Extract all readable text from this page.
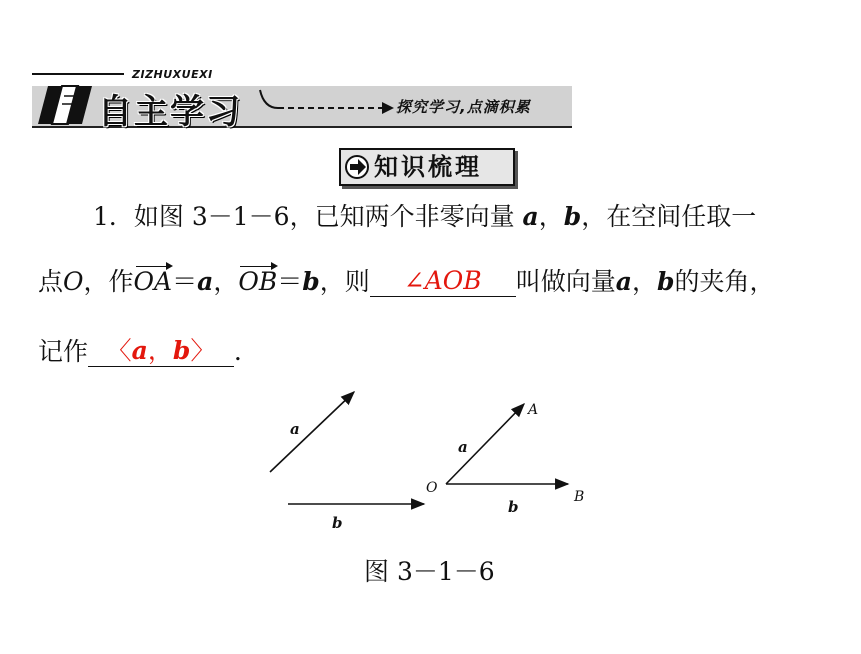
ZIZHUXUEXI
自主学习	探究学习,点滴积累
知识梳理
1．如图 3－1－6，已知两个非零向量 a，b，在空间任取一
点O，作OA＝a，OB＝b，则 ∠AOB 叫做向量a，b的夹角，
记作 〈a，b〉 ．
a
b
a
A
b
B
O
图 3－1－6
